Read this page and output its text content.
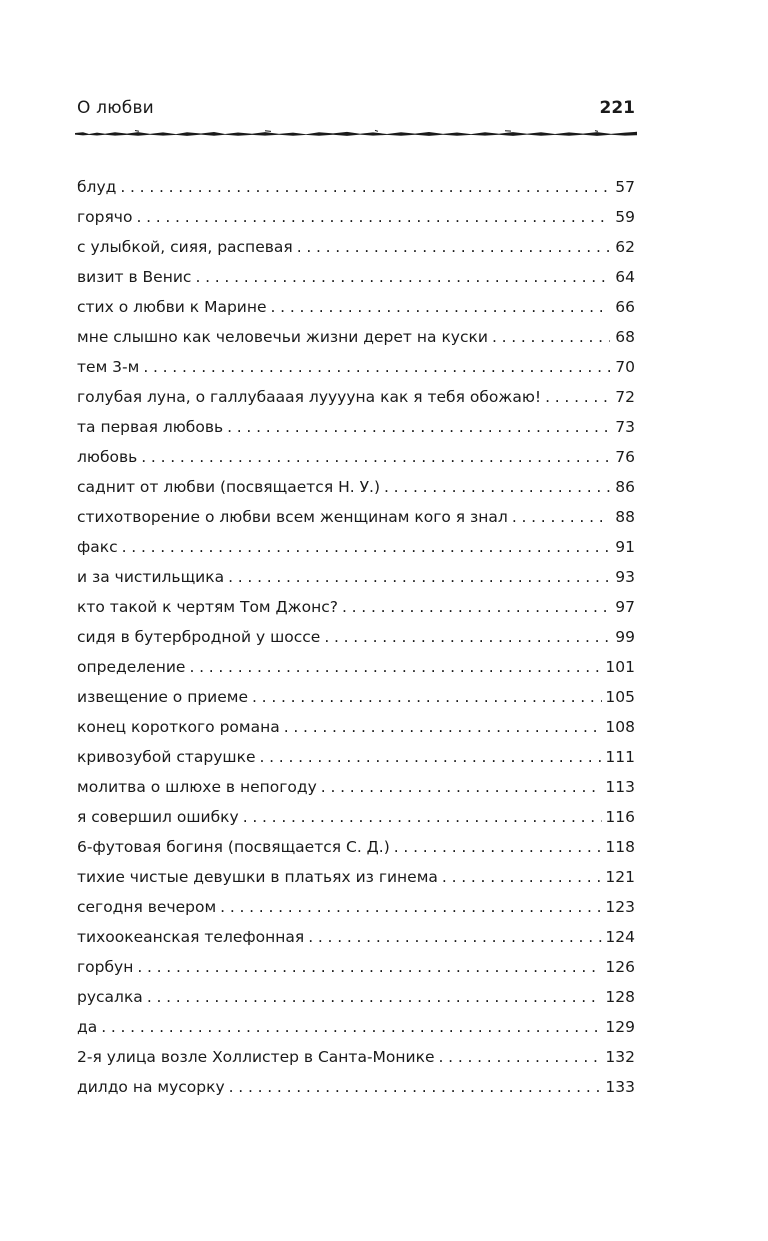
О любви	221
блуд . . .	57
горячо . . .	59
с улыбкой, сияя, распевая . . .	62
визит в Венис . . .	64
стих о любви к Марине . . .	66
мне слышно как человечьи жизни дерет на куски . . .	68
тем 3-м . . .	70
голубая луна, о галлубааая лууууна как я тебя обожаю! . . .	72
та первая любовь . . .	73
любовь . . .	76
саднит от любви (посвящается Н. У.) . . .	86
стихотворение о любви всем женщинам кого я знал . . .	88
факс . . .	91
и за чистильщика . . .	93
кто такой к чертям Том Джонс? . . .	97
сидя в бутербродной у шоссе . . .	99
определение . . .	101
извещение о приеме . . .	105
конец короткого романа . . .	108
кривозубой старушке . . .	111
молитва о шлюхе в непогоду . . .	113
я совершил ошибку . . .	116
6-футовая богиня (посвящается С. Д.) . . .	118
тихие чистые девушки в платьях из гинема . . .	121
сегодня вечером . . .	123
тихоокеанская телефонная . . .	124
горбун . . .	126
русалка . . .	128
да . . .	129
2-я улица возле Холлистер в Санта-Монике . . .	132
дилдо на мусорку . . .	133
